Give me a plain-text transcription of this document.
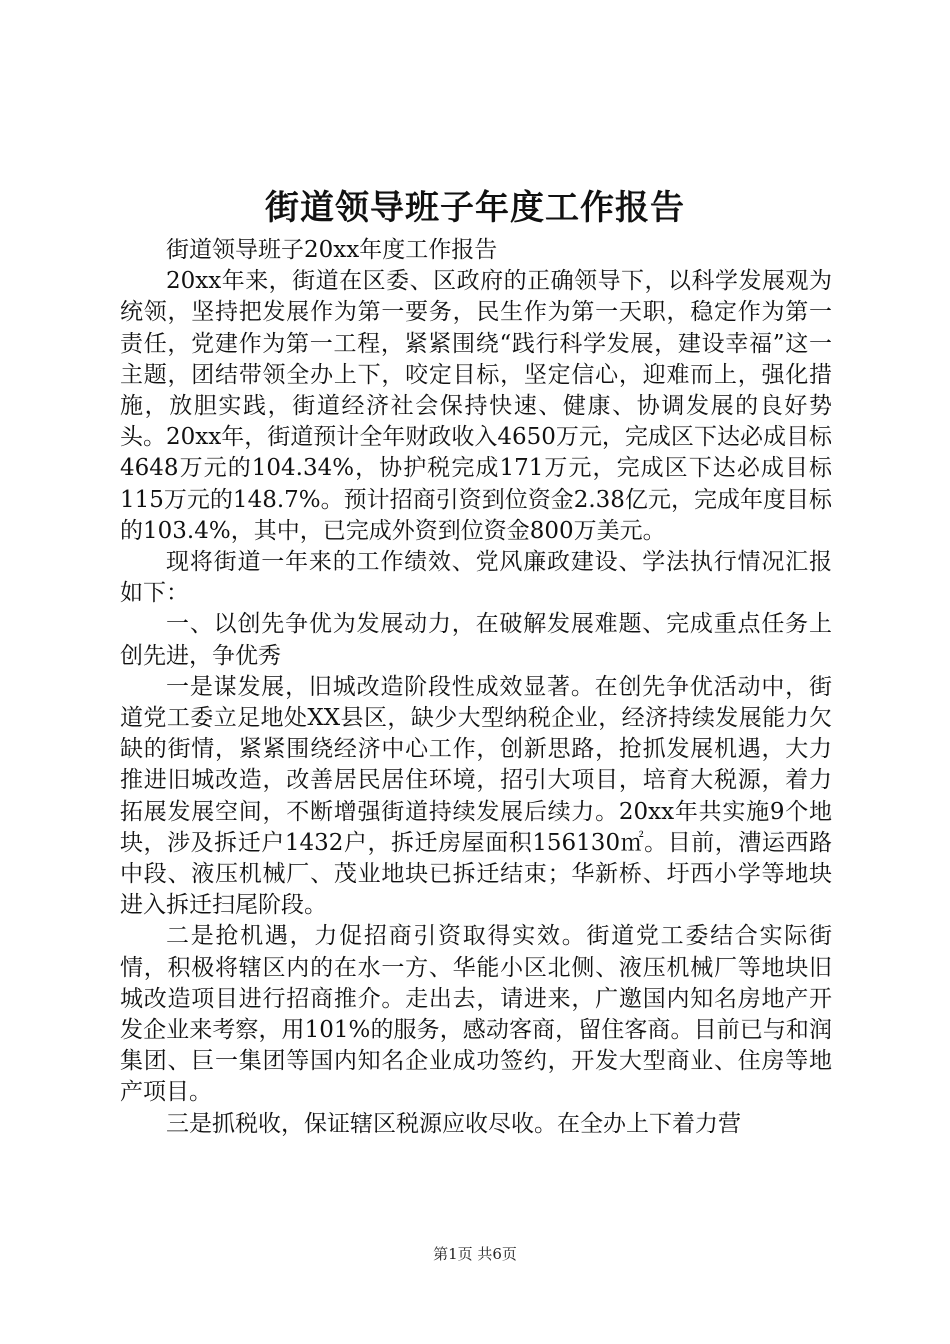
街道领导班子年度工作报告

街道领导班子20xx年度工作报告

20xx年来，街道在区委、区政府的正确领导下，以科学发展观为统领，坚持把发展作为第一要务，民生作为第一天职，稳定作为第一责任，党建作为第一工程，紧紧围绕“践行科学发展，建设幸福”这一主题，团结带领全办上下，咬定目标，坚定信心，迎难而上，强化措施，放胆实践，街道经济社会保持快速、健康、协调发展的良好势头。20xx年，街道预计全年财政收入4650万元，完成区下达必成目标4648万元的104.34%，协护税完成171万元，完成区下达必成目标115万元的148.7%。预计招商引资到位资金2.38亿元，完成年度目标的103.4%，其中，已完成外资到位资金800万美元。

现将街道一年来的工作绩效、党风廉政建设、学法执行情况汇报如下：

一、以创先争优为发展动力，在破解发展难题、完成重点任务上创先进，争优秀

一是谋发展，旧城改造阶段性成效显著。在创先争优活动中，街道党工委立足地处XX县区，缺少大型纳税企业，经济持续发展能力欠缺的街情，紧紧围绕经济中心工作，创新思路，抢抓发展机遇，大力推进旧城改造，改善居民居住环境，招引大项目，培育大税源，着力拓展发展空间，不断增强街道持续发展后续力。20xx年共实施9个地块，涉及拆迁户1432户，拆迁房屋面积156130㎡。目前，漕运西路中段、液压机械厂、茂业地块已拆迁结束；华新桥、圩西小学等地块进入拆迁扫尾阶段。

二是抢机遇，力促招商引资取得实效。街道党工委结合实际街情，积极将辖区内的在水一方、华能小区北侧、液压机械厂等地块旧城改造项目进行招商推介。走出去，请进来，广邀国内知名房地产开发企业来考察，用101%的服务，感动客商，留住客商。目前已与和润集团、巨一集团等国内知名企业成功签约，开发大型商业、住房等地产项目。

三是抓税收，保证辖区税源应收尽收。在全办上下着力营

第1页 共6页
